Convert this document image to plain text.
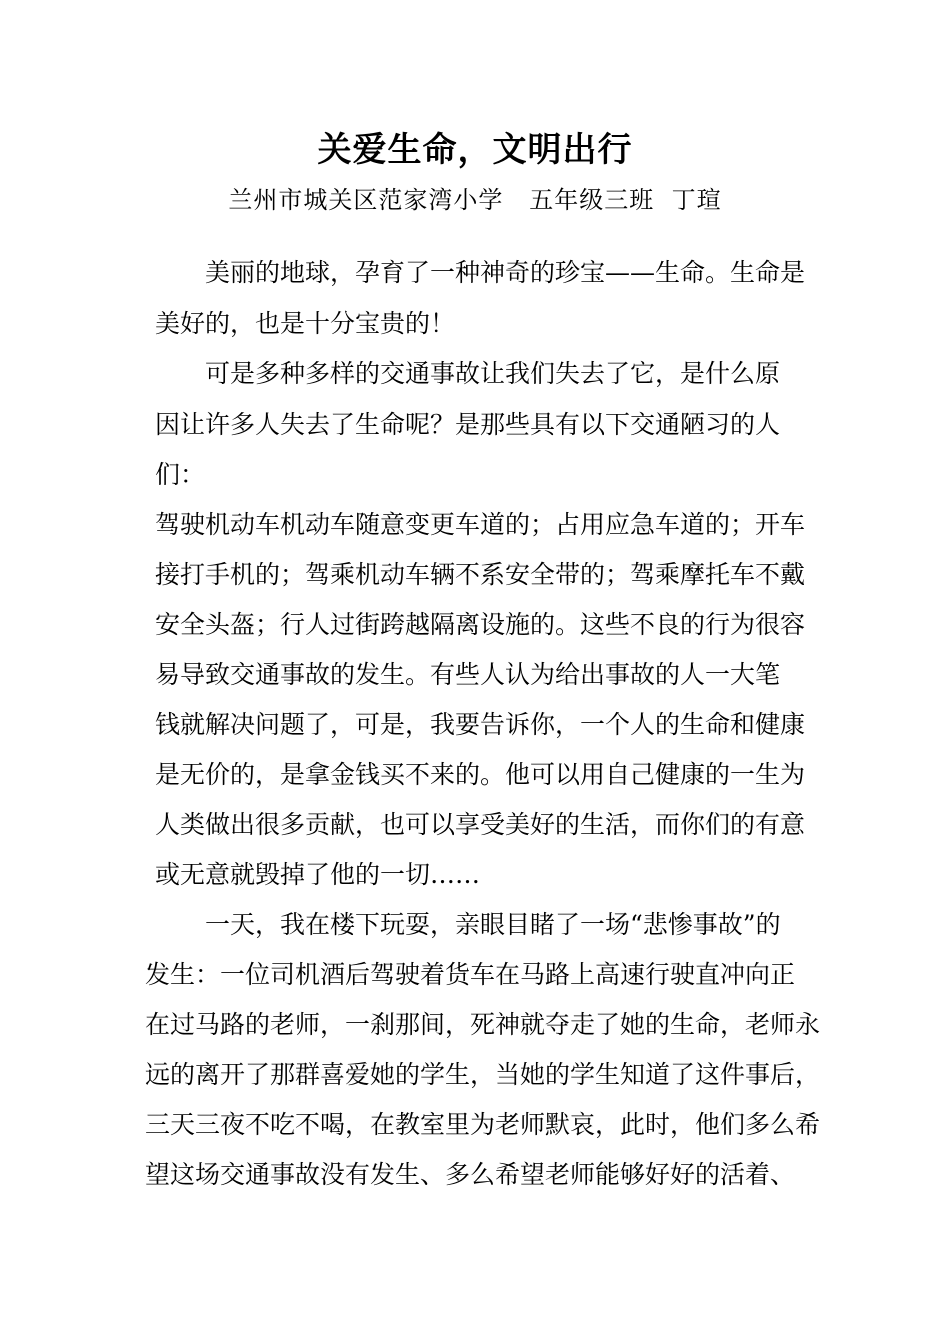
关爱生命，文明出行
兰州市城关区范家湾小学   五年级三班  丁瑄
美丽的地球，孕育了一种神奇的珍宝——生命。生命是
美好的，也是十分宝贵的！
可是多种多样的交通事故让我们失去了它，是什么原
因让许多人失去了生命呢？是那些具有以下交通陋习的人
们：
驾驶机动车机动车随意变更车道的；占用应急车道的；开车
接打手机的；驾乘机动车辆不系安全带的；驾乘摩托车不戴
安全头盔；行人过街跨越隔离设施的。这些不良的行为很容
易导致交通事故的发生。有些人认为给出事故的人一大笔
钱就解决问题了，可是，我要告诉你，一个人的生命和健康
是无价的，是拿金钱买不来的。他可以用自己健康的一生为
人类做出很多贡献，也可以享受美好的生活，而你们的有意
或无意就毁掉了他的一切……
一天，我在楼下玩耍，亲眼目睹了一场“悲惨事故”的
发生：一位司机酒后驾驶着货车在马路上高速行驶直冲向正
在过马路的老师，一刹那间，死神就夺走了她的生命，老师永
远的离开了那群喜爱她的学生，当她的学生知道了这件事后，
三天三夜不吃不喝，在教室里为老师默哀，此时，他们多么希
望这场交通事故没有发生、多么希望老师能够好好的活着、
